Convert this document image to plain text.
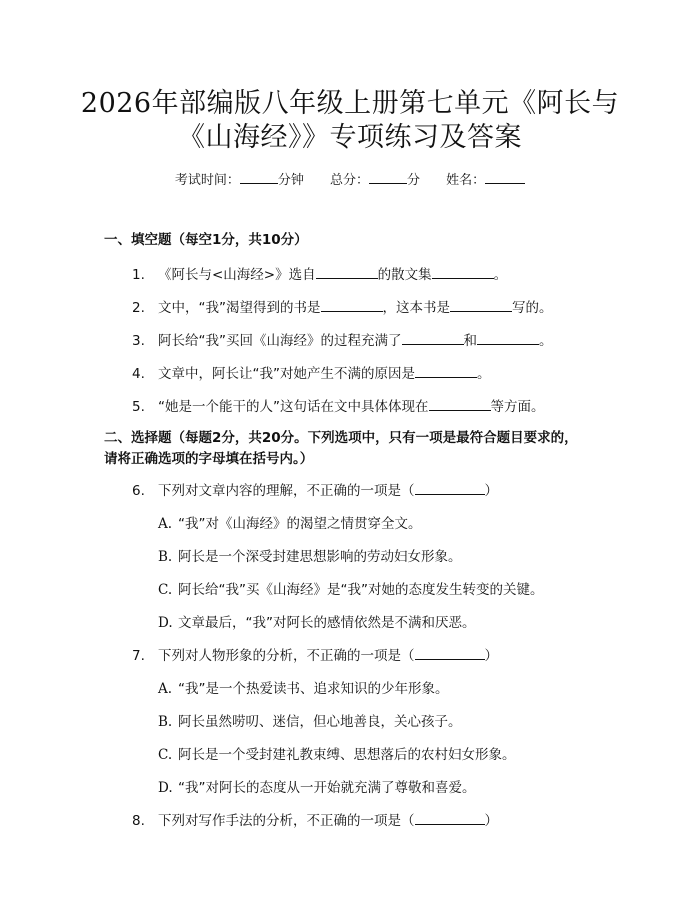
2026年部编版八年级上册第七单元《阿长与
《山海经》》专项练习及答案
考试时间：	分钟 总分：	分 姓名：
一、填空题（每空1分，共10分）
1. 《阿长与<山海经>》选自	的散文集	。
2. 文中，“我”渴望得到的书是	，这本书是	写的。
3. 阿长给“我”买回《山海经》的过程充满了	和	。
4. 文章中，阿长让“我”对她产生不满的原因是	。
5. “她是一个能干的人”这句话在文中具体体现在	等方面。
二、选择题（每题2分，共20分。下列选项中，只有一项是最符合题目要求的，
请将正确选项的字母填在括号内。）
6. 下列对文章内容的理解，不正确的一项是（	）
A. “我”对《山海经》的渴望之情贯穿全文。
B. 阿长是一个深受封建思想影响的劳动妇女形象。
C. 阿长给“我”买《山海经》是“我”对她的态度发生转变的关键。
D. 文章最后，“我”对阿长的感情依然是不满和厌恶。
7. 下列对人物形象的分析，不正确的一项是（	）
A. “我”是一个热爱读书、追求知识的少年形象。
B. 阿长虽然唠叨、迷信，但心地善良，关心孩子。
C. 阿长是一个受封建礼教束缚、思想落后的农村妇女形象。
D. “我”对阿长的态度从一开始就充满了尊敬和喜爱。
8. 下列对写作手法的分析，不正确的一项是（	）
